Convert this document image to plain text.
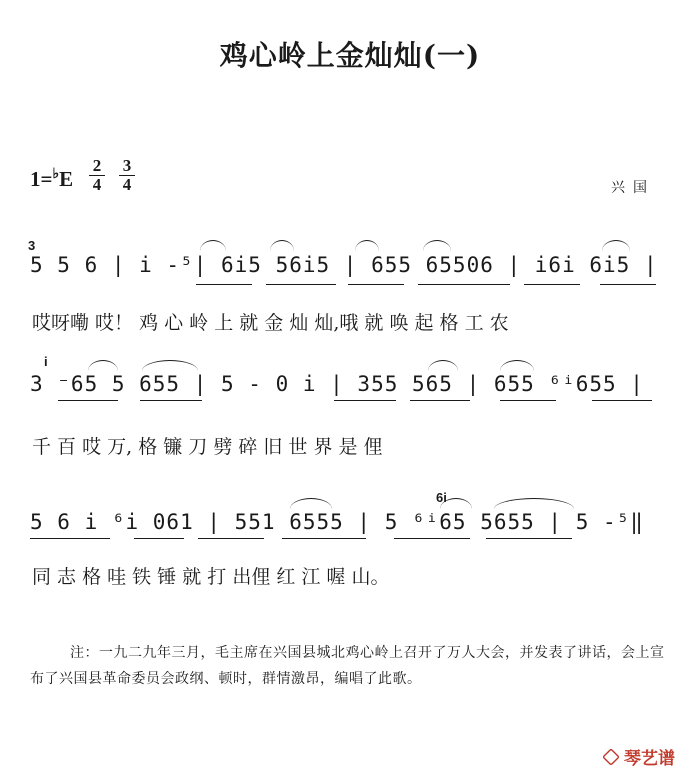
鸡心岭上金灿灿(一)
$1=^♭E \frac{2}{4} \frac{3}{4}$	兴国
3
5 5 6 | i -⁵| 6i5 56i5 | 655 65506 | i6i 6i5 |
哎呀嘞 哎！ 鸡 心 岭 上 就 金 灿 灿,哦 就 唤 起 格 工 农
i
3 ⁻65 5 655 | 5 - 0 i | 355 565 | 655 ⁶ⁱ655 |
千 百 哎 万, 格 镰 刀 劈 碎 旧 世 界 是 俚
6i
5 6 i ⁶i 061 | 551 6555 | 5 ⁶ⁱ65 5655 | 5 -⁵‖
同 志 格 哇 铁 锤 就 打 出俚 红 江 喔 山。
注：一九二九年三月，毛主席在兴国县城北鸡心岭上召开了万人大会，并发表了讲话，会上宣布了兴国县革命委员会政纲、顿时，群情激昂，编唱了此歌。
琴艺谱
